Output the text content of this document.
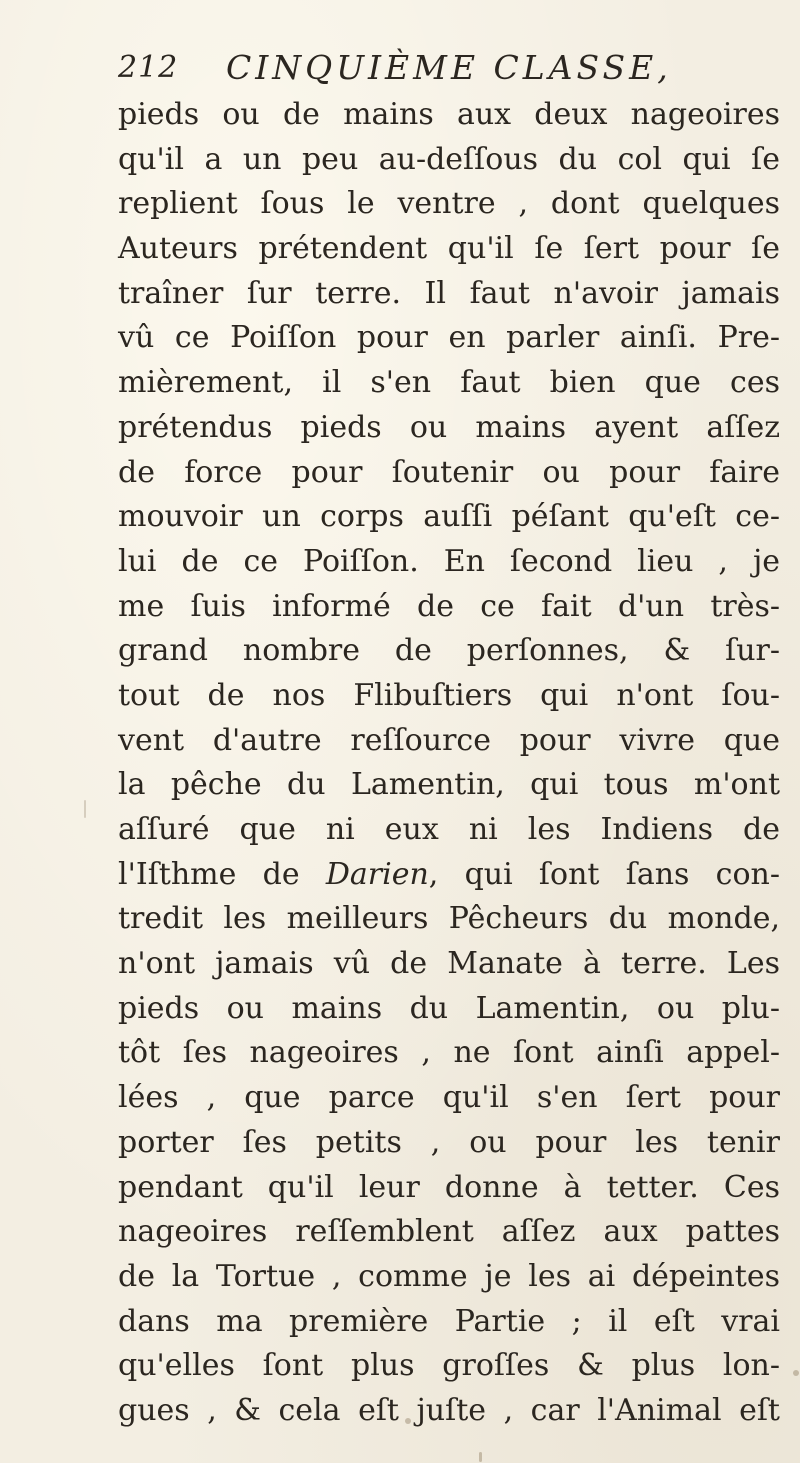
212 CINQUIÈME CLASSE,
pieds ou de mains aux deux nageoires
qu'il a un peu au-deſſous du col qui ſe
replient ſous le ventre , dont quelques
Auteurs prétendent qu'il ſe ſert pour ſe
traîner ſur terre. Il faut n'avoir jamais
vû ce Poiſſon pour en parler ainſi. Pre-
mièrement, il s'en faut bien que ces
prétendus pieds ou mains ayent aſſez
de force pour ſoutenir ou pour faire
mouvoir un corps auſſi péſant qu'eſt ce-
lui de ce Poiſſon. En ſecond lieu , je
me ſuis informé de ce fait d'un très-
grand nombre de perſonnes, & ſur-
tout de nos Flibuſtiers qui n'ont ſou-
vent d'autre reſſource pour vivre que
la pêche du Lamentin, qui tous m'ont
aſſuré que ni eux ni les Indiens de
l'Iſthme de Darien, qui ſont ſans con-
tredit les meilleurs Pêcheurs du monde,
n'ont jamais vû de Manate à terre. Les
pieds ou mains du Lamentin, ou plu-
tôt ſes nageoires , ne ſont ainſi appel-
lées , que parce qu'il s'en ſert pour
porter ſes petits , ou pour les tenir
pendant qu'il leur donne à tetter. Ces
nageoires reſſemblent aſſez aux pattes
de la Tortue , comme je les ai dépeintes
dans ma première Partie ; il eſt vrai
qu'elles ſont plus groſſes & plus lon-
gues , & cela eſt juſte , car l'Animal eſt
